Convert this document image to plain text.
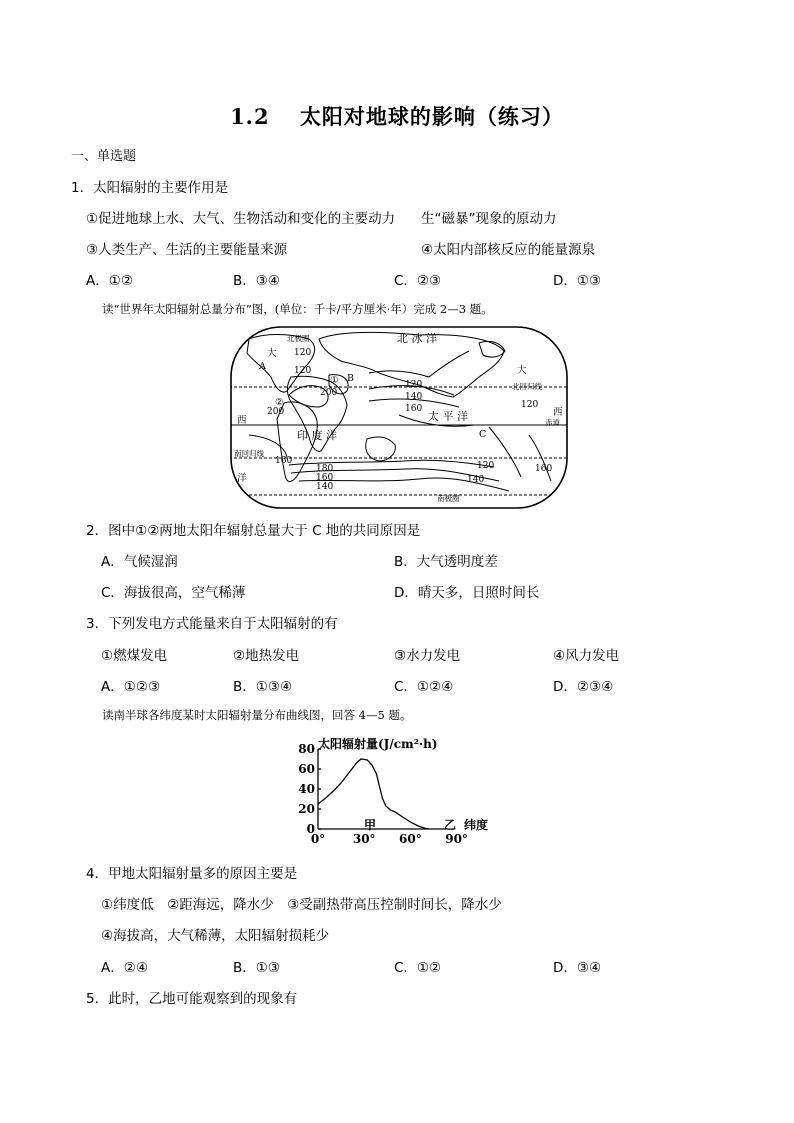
1.2　 太阳对地球的影响（练习）
一、单选题
1．太阳辐射的主要作用是
①促进地球上水、大气、生物活动和变化的主要动力 生“磁暴”现象的原动力
③人类生产、生活的主要能量来源	④太阳内部核反应的能量源泉
A．①②	B．③④	C．②③	D．①③
读“世界年太阳辐射总量分布”图，(单位：千卡/平方厘米·年）完成 2—3 题。
北极圈	北 冰 洋
大
大
A
B
C
①
②
北回归线
西
西
太 平 洋
印 度 洋
赤道
南回归线
洋
南极圈
120
120
120
200
200
140
160
160
180
160
140
120
140
120
160
2．图中①②两地太阳年辐射总量大于 C 地的共同原因是
A．气候湿润	B．大气透明度差
C．海拔很高，空气稀薄	D．晴天多，日照时间长
3．下列发电方式能量来自于太阳辐射的有
①燃煤发电	②地热发电	③水力发电	④风力发电
A．①②③	B．①③④	C．①②④	D．②③④
读南半球各纬度某时太阳辐射量分布曲线图，回答 4—5 题。
0
20
40
60
80
0° 30° 60° 90°
太阳辐射量(J/cm²·h)
纬度
甲	乙
4．甲地太阳辐射量多的原因主要是
①纬度低　②距海远，降水少　③受副热带高压控制时间长，降水少
④海拔高，大气稀薄，太阳辐射损耗少
A．②④	B．①③	C．①②	D．③④
5．此时，乙地可能观察到的现象有
